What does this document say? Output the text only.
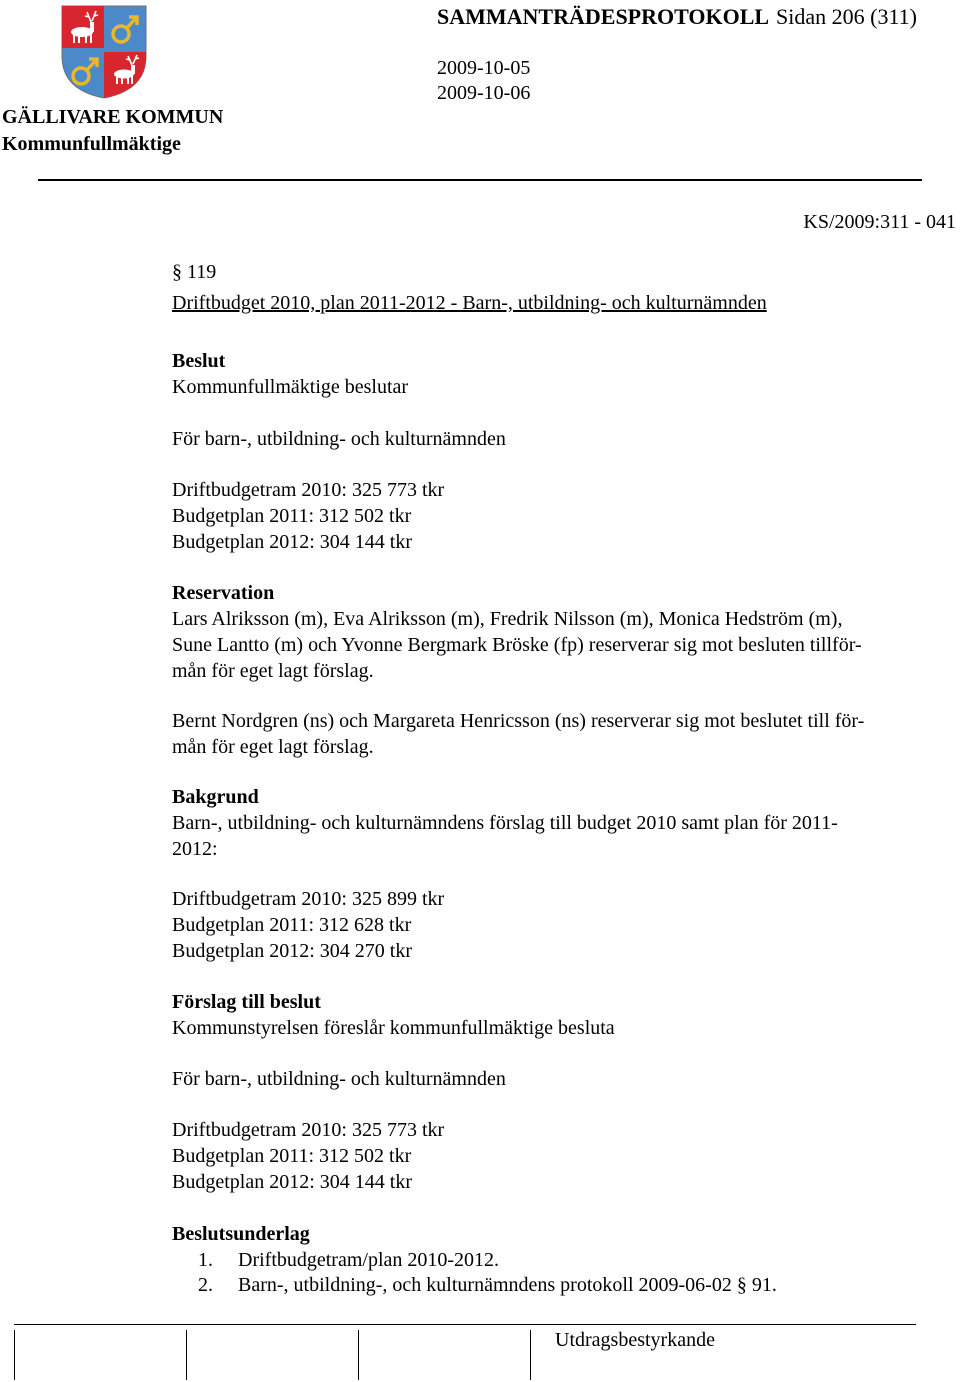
SAMMANTRÄDESPROTOKOLL Sidan 206 (311)
2009-10-05
2009-10-06
GÄLLIVARE KOMMUN
Kommunfullmäktige
KS/2009:311 - 041
§ 119
Driftbudget 2010, plan 2011-2012 - Barn-, utbildning- och kulturnämnden
Beslut
Kommunfullmäktige beslutar
För barn-, utbildning- och kulturnämnden
Driftbudgetram 2010: 325 773 tkr
Budgetplan 2011: 312 502 tkr
Budgetplan 2012: 304 144 tkr
Reservation
Lars Alriksson (m), Eva Alriksson (m), Fredrik Nilsson (m), Monica Hedström (m),
Sune Lantto (m) och Yvonne Bergmark Bröske (fp) reserverar sig mot besluten tillför-
mån för eget lagt förslag.
Bernt Nordgren (ns) och Margareta Henricsson (ns) reserverar sig mot beslutet till för-
mån för eget lagt förslag.
Bakgrund
Barn-, utbildning- och kulturnämndens förslag till budget 2010 samt plan för 2011-
2012:
Driftbudgetram 2010: 325 899 tkr
Budgetplan 2011: 312 628 tkr
Budgetplan 2012: 304 270 tkr
Förslag till beslut
Kommunstyrelsen föreslår kommunfullmäktige besluta
För barn-, utbildning- och kulturnämnden
Driftbudgetram 2010: 325 773 tkr
Budgetplan 2011: 312 502 tkr
Budgetplan 2012: 304 144 tkr
Beslutsunderlag
1. Driftbudgetram/plan 2010-2012.
2. Barn-, utbildning-, och kulturnämndens protokoll 2009-06-02 § 91.
Utdragsbestyrkande
